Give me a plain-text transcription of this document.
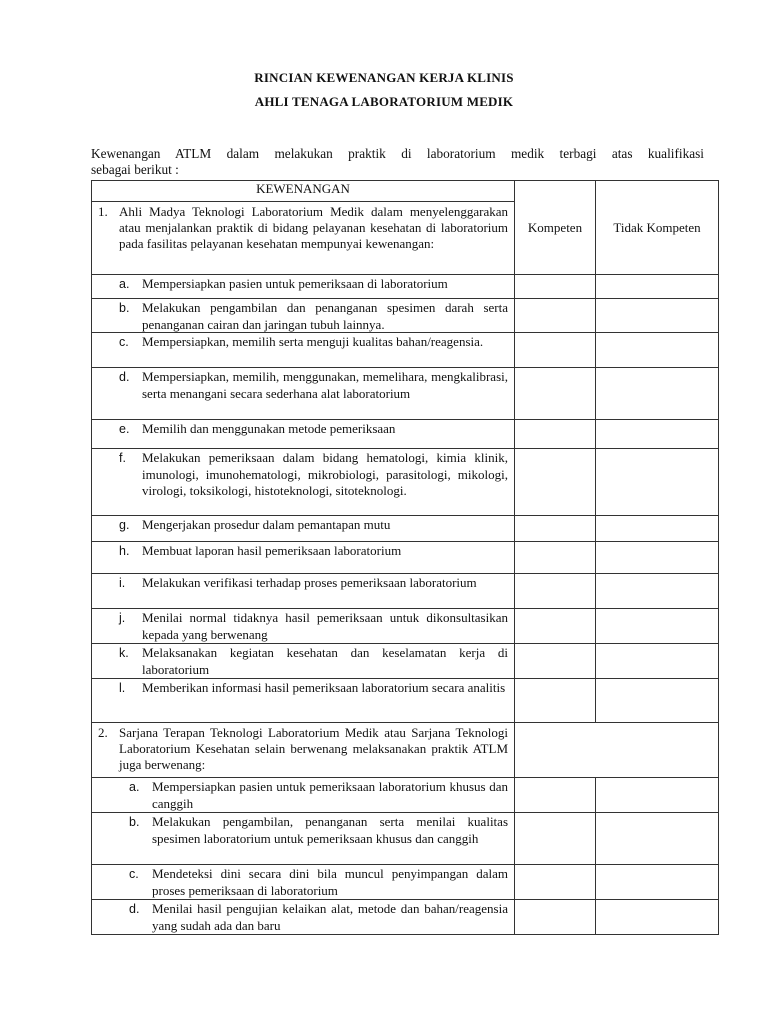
RINCIAN KEWENANGAN KERJA KLINIS
AHLI TENAGA LABORATORIUM MEDIK
Kewenangan ATLM dalam melakukan praktik di laboratorium medik terbagi atas kualifikasi
sebagai berikut :
KEWENANGAN	Kompeten	Tidak Kompeten

1. Ahli Madya Teknologi Laboratorium Medik dalam menyelenggarakan atau menjalankan praktik di bidang pelayanan kesehatan di laboratorium pada fasilitas pelayanan kesehatan mempunyai kewenangan:		

a. Mempersiapkan pasien untuk pemeriksaan di laboratorium		

b. Melakukan pengambilan dan penanganan spesimen darah serta penanganan cairan dan jaringan tubuh lainnya.		

c. Mempersiapkan, memilih serta menguji kualitas bahan/reagensia.		

d. Mempersiapkan, memilih, menggunakan, memelihara, mengkalibrasi, serta menangani secara sederhana alat laboratorium		

e. Memilih dan menggunakan metode pemeriksaan		

f. Melakukan pemeriksaan dalam bidang hematologi, kimia klinik, imunologi, imunohematologi, mikrobiologi, parasitologi, mikologi, virologi, toksikologi, histoteknologi, sitoteknologi.		

g. Mengerjakan prosedur dalam pemantapan mutu		

h. Membuat laporan hasil pemeriksaan laboratorium		

i. Melakukan verifikasi terhadap proses pemeriksaan laboratorium		

j. Menilai normal tidaknya hasil pemeriksaan untuk dikonsultasikan kepada yang berwenang		

k. Melaksanakan kegiatan kesehatan dan keselamatan kerja di laboratorium		

l. Memberikan informasi hasil pemeriksaan laboratorium secara analitis		

2. Sarjana Terapan Teknologi Laboratorium Medik atau Sarjana Teknologi Laboratorium Kesehatan selain berwenang melaksanakan praktik ATLM juga berwenang:		

a. Mempersiapkan pasien untuk pemeriksaan laboratorium khusus dan canggih		

b. Melakukan pengambilan, penanganan serta menilai kualitas spesimen laboratorium untuk pemeriksaan khusus dan canggih		

c. Mendeteksi dini secara dini bila muncul penyimpangan dalam proses pemeriksaan di laboratorium		

d. Menilai hasil pengujian kelaikan alat, metode dan bahan/reagensia yang sudah ada dan baru		
